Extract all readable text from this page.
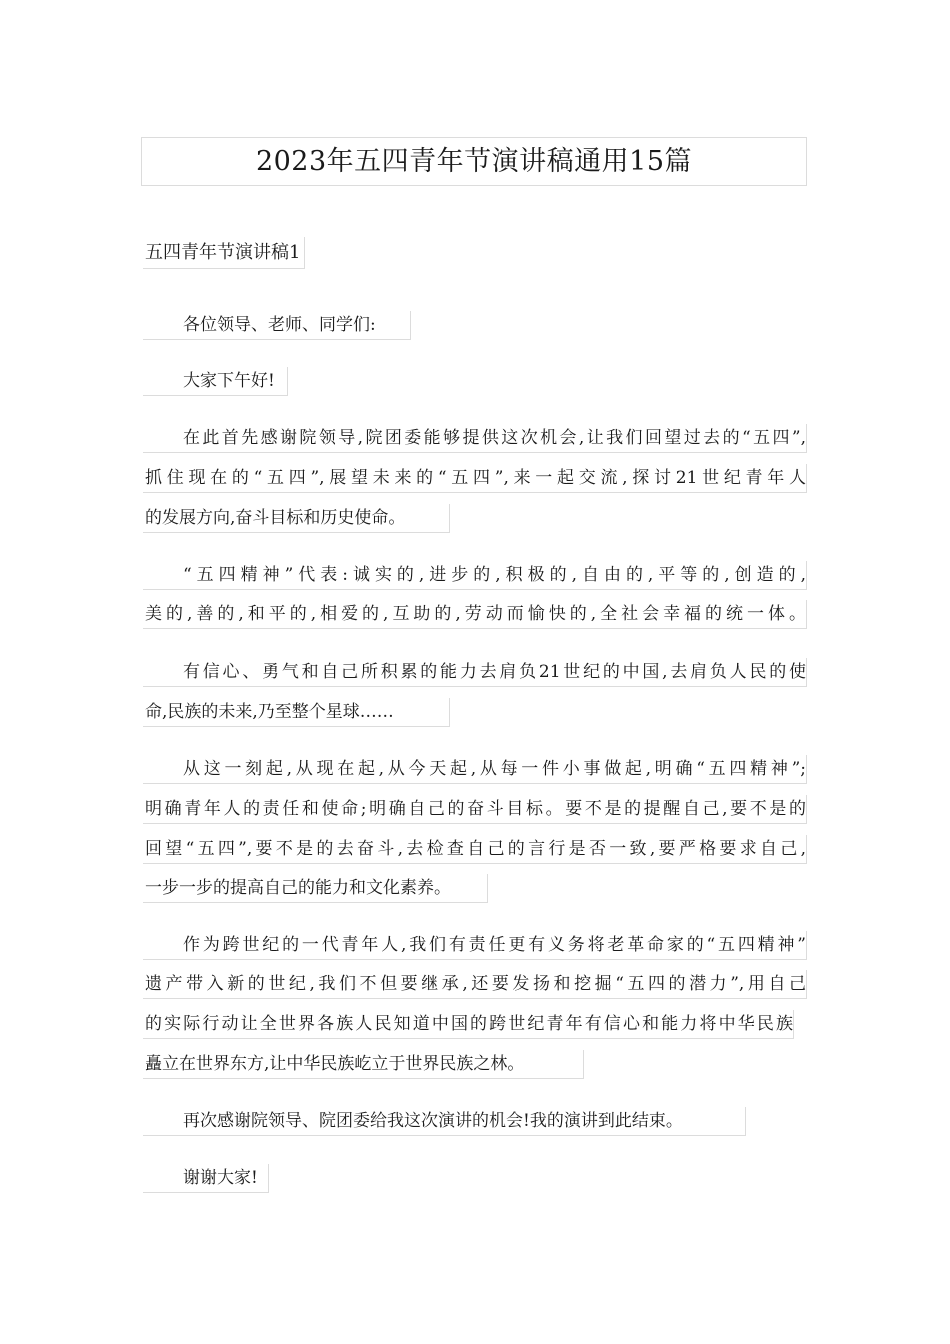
2023年五四青年节演讲稿通用15篇
五四青年节演讲稿1
各位领导、老师、同学们:
大家下午好!
在此首先感谢院领导,院团委能够提供这次机会,让我们回望过去的“五四”,
抓住现在的“五四”,展望未来的“五四”,来一起交流,探讨21世纪青年人
的发展方向,奋斗目标和历史使命。
“五四精神”代表:诚实的,进步的,积极的,自由的,平等的,创造的,
美的,善的,和平的,相爱的,互助的,劳动而愉快的,全社会幸福的统一体。
有信心、勇气和自己所积累的能力去肩负21世纪的中国,去肩负人民的使
命,民族的未来,乃至整个星球……
从这一刻起,从现在起,从今天起,从每一件小事做起,明确“五四精神”;
明确青年人的责任和使命;明确自己的奋斗目标。要不是的提醒自己,要不是的
回望“五四”,要不是的去奋斗,去检查自己的言行是否一致,要严格要求自己,
一步一步的提高自己的能力和文化素养。
作为跨世纪的一代青年人,我们有责任更有义务将老革命家的“五四精神”
遗产带入新的世纪,我们不但要继承,还要发扬和挖掘“五四的潜力”,用自己
的实际行动让全世界各族人民知道中国的跨世纪青年有信心和能力将中华民族
矗立在世界东方,让中华民族屹立于世界民族之林。
再次感谢院领导、院团委给我这次演讲的机会!我的演讲到此结束。
谢谢大家!
